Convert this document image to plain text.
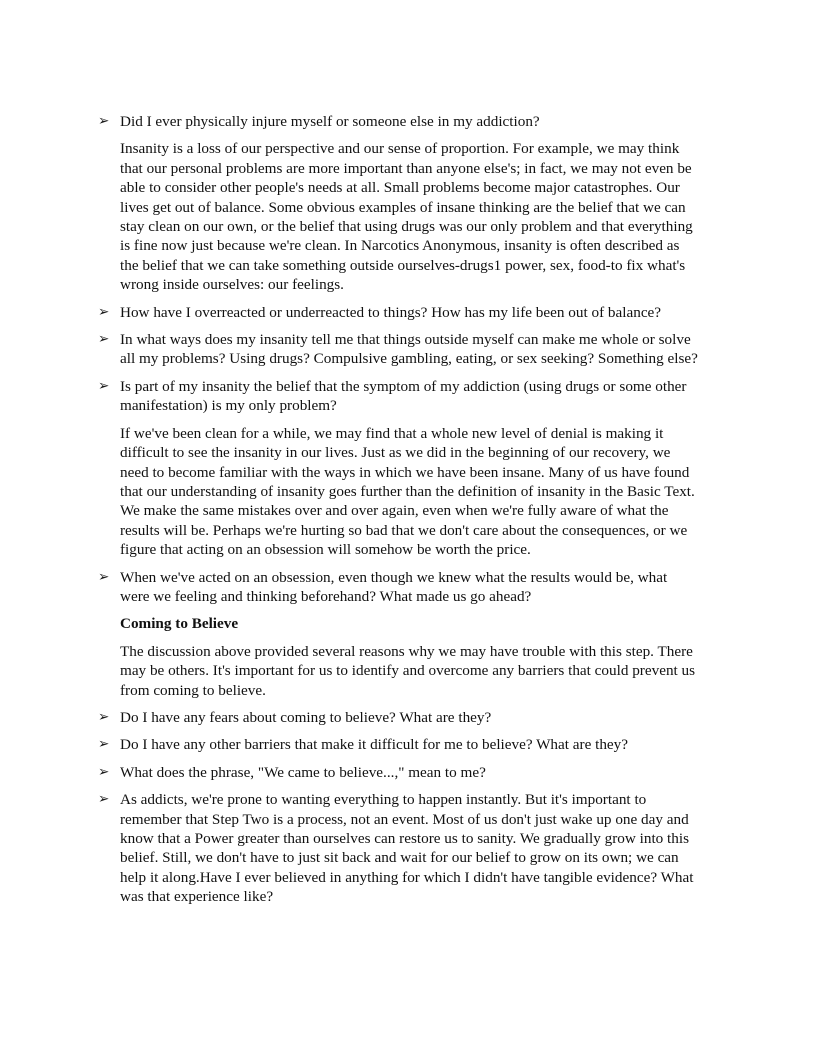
➢ Did I ever physically injure myself or someone else in my addiction?
Insanity is a loss of our perspective and our sense of proportion. For example, we may think that our personal problems are more important than anyone else's; in fact, we may not even be able to consider other people's needs at all. Small problems become major catastrophes. Our lives get out of balance. Some obvious examples of insane thinking are the belief that we can stay clean on our own, or the belief that using drugs was our only problem and that everything is fine now just because we're clean. In Narcotics Anonymous, insanity is often described as the belief that we can take something outside ourselves-drugs1 power, sex, food-to fix what's wrong inside ourselves: our feelings.
➢ How have I overreacted or underreacted to things? How has my life been out of balance?
➢ In what ways does my insanity tell me that things outside myself can make me whole or solve all my problems? Using drugs? Compulsive gambling, eating, or sex seeking? Something else?
➢ Is part of my insanity the belief that the symptom of my addiction (using drugs or some other manifestation) is my only problem?
If we've been clean for a while, we may find that a whole new level of denial is making it difficult to see the insanity in our lives. Just as we did in the beginning of our recovery, we need to become familiar with the ways in which we have been insane. Many of us have found that our understanding of insanity goes further than the definition of insanity in the Basic Text. We make the same mistakes over and over again, even when we're fully aware of what the results will be. Perhaps we're hurting so bad that we don't care about the consequences, or we figure that acting on an obsession will somehow be worth the price.
➢ When we've acted on an obsession, even though we knew what the results would be, what were we feeling and thinking beforehand? What made us go ahead?
Coming to Believe
The discussion above provided several reasons why we may have trouble with this step. There may be others. It's important for us to identify and overcome any barriers that could prevent us from coming to believe.
➢ Do I have any fears about coming to believe? What are they?
➢ Do I have any other barriers that make it difficult for me to believe? What are they?
➢ What does the phrase, "We came to believe...," mean to me?
➢ As addicts, we're prone to wanting everything to happen instantly. But it's important to remember that Step Two is a process, not an event. Most of us don't just wake up one day and know that a Power greater than ourselves can restore us to sanity. We gradually grow into this belief. Still, we don't have to just sit back and wait for our belief to grow on its own; we can help it along.Have I ever believed in anything for which I didn't have tangible evidence? What was that experience like?
